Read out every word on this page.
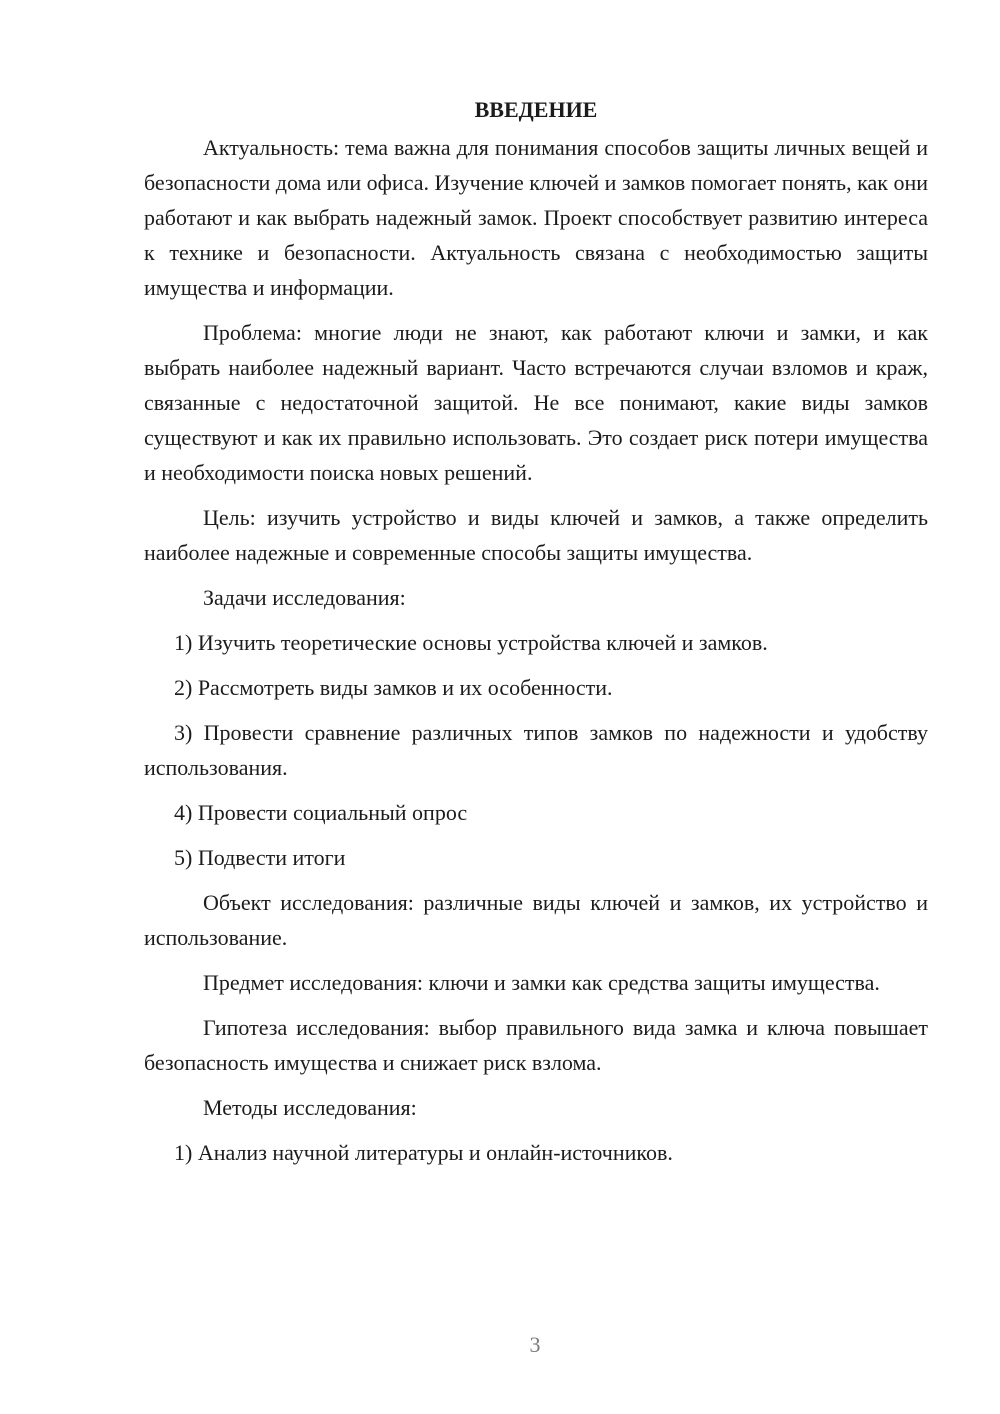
ВВЕДЕНИЕ

Актуальность: тема важна для понимания способов защиты личных вещей и безопасности дома или офиса. Изучение ключей и замков помогает понять, как они работают и как выбрать надежный замок. Проект способствует развитию интереса к технике и безопасности. Актуальность связана с необходимостью защиты имущества и информации.

Проблема: многие люди не знают, как работают ключи и замки, и как выбрать наиболее надежный вариант. Часто встречаются случаи взломов и краж, связанные с недостаточной защитой. Не все понимают, какие виды замков существуют и как их правильно использовать. Это создает риск потери имущества и необходимости поиска новых решений.

Цель: изучить устройство и виды ключей и замков, а также определить наиболее надежные и современные способы защиты имущества.

Задачи исследования:

1) Изучить теоретические основы устройства ключей и замков.

2) Рассмотреть виды замков и их особенности.

3) Провести сравнение различных типов замков по надежности и удобству использования.

4) Провести социальный опрос

5) Подвести итоги

Объект исследования: различные виды ключей и замков, их устройство и использование.

Предмет исследования: ключи и замки как средства защиты имущества.

Гипотеза исследования: выбор правильного вида замка и ключа повышает безопасность имущества и снижает риск взлома.

Методы исследования:

1) Анализ научной литературы и онлайн-источников.

3
